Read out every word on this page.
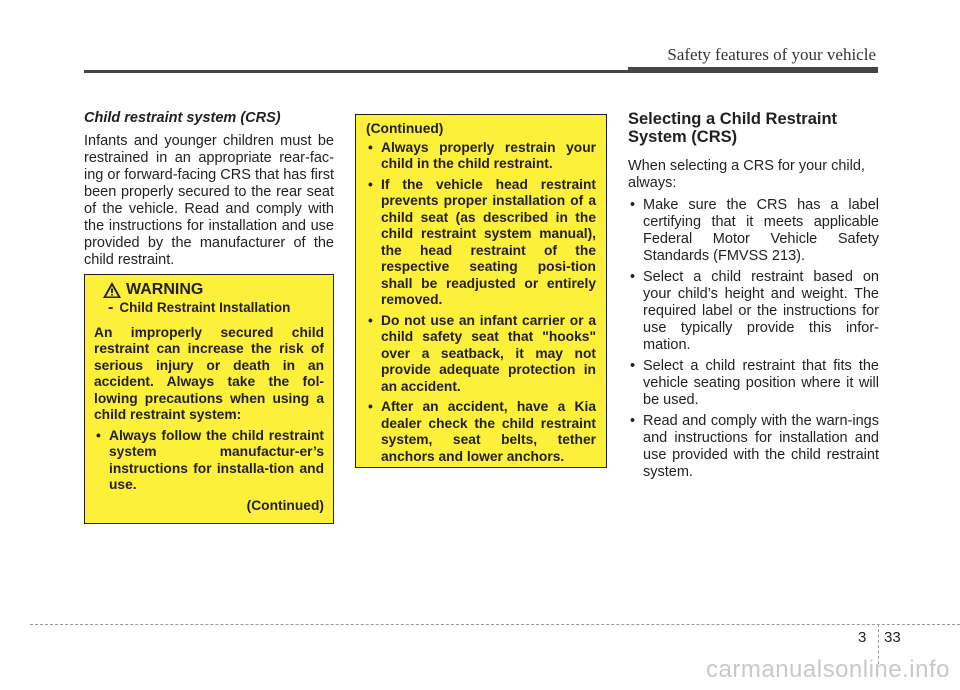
Safety features of your vehicle

Child restraint system (CRS)

Infants and younger children must be restrained in an appropriate rear-fac-ing or forward-facing CRS that has first been properly secured to the rear seat of the vehicle. Read and comply with the instructions for installation and use provided by the manufacturer of the child restraint.

WARNING
- Child Restraint Installation

An improperly secured child restraint can increase the risk of serious injury or death in an accident. Always take the fol-lowing precautions when using a child restraint system:

• Always follow the child restraint system manufactur-er’s instructions for installa-tion and use.
(Continued)

(Continued)

• Always properly restrain your child in the child restraint.
• If the vehicle head restraint prevents proper installation of a child seat (as described in the child restraint system manual), the head restraint of the respective seating posi-tion shall be readjusted or entirely removed.
• Do not use an infant carrier or a child safety seat that "hooks" over a seatback, it may not provide adequate protection in an accident.
• After an accident, have a Kia dealer check the child restraint system, seat belts, tether anchors and lower anchors.

Selecting a Child Restraint System (CRS)

When selecting a CRS for your child, always:

• Make sure the CRS has a label certifying that it meets applicable Federal Motor Vehicle Safety Standards (FMVSS 213).
• Select a child restraint based on your child’s height and weight. The required label or the instructions for use typically provide this infor-mation.
• Select a child restraint that fits the vehicle seating position where it will be used.
• Read and comply with the warn-ings and instructions for installation and use provided with the child restraint system.
3 33
carmanualsonline.info
